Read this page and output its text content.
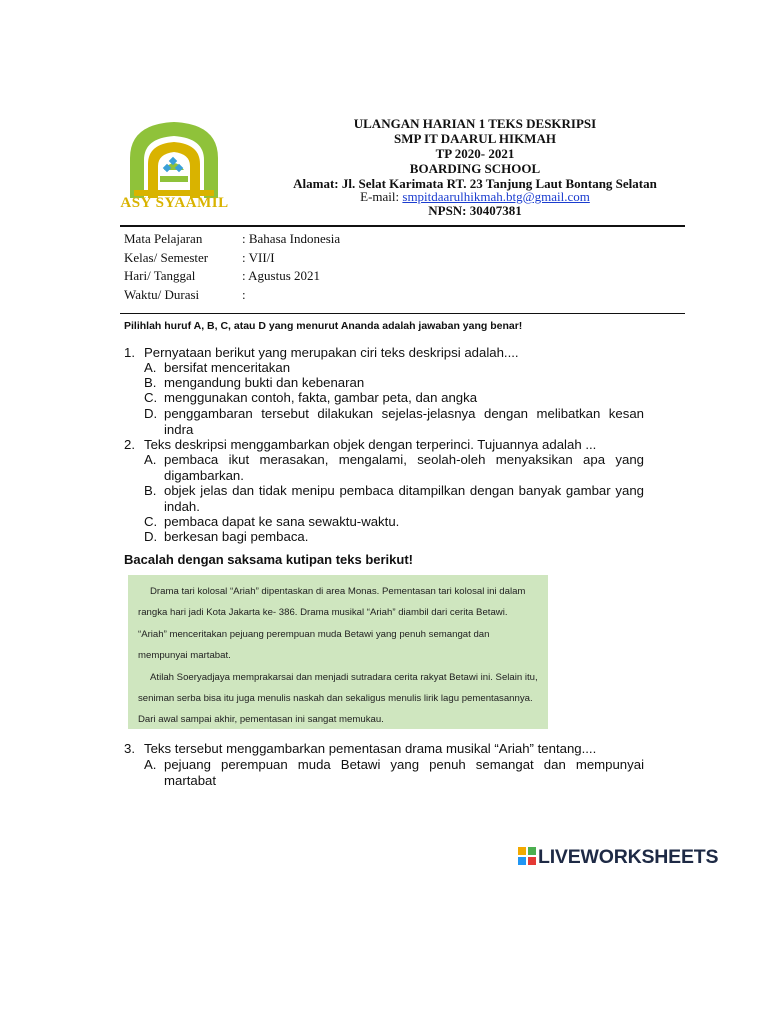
ASY SYAAMIL
ULANGAN HARIAN 1 TEKS DESKRIPSI
SMP IT DAARUL HIKMAH
TP 2020- 2021
BOARDING SCHOOL
Alamat: Jl. Selat Karimata RT. 23 Tanjung Laut Bontang Selatan
E-mail: smpitdaarulhikmah.btg@gmail.com
NPSN: 30407381
Mata Pelajaran	: Bahasa Indonesia
Kelas/ Semester	: VII/I
Hari/ Tanggal	: Agustus 2021
Waktu/ Durasi	:
Pilihlah huruf A, B, C, atau D yang menurut Ananda adalah jawaban yang benar!
1. Pernyataan berikut yang merupakan ciri teks deskripsi adalah....
A. bersifat menceritakan
B. mengandung bukti dan kebenaran
C. menggunakan contoh, fakta, gambar peta, dan angka
D. penggambaran tersebut dilakukan sejelas-jelasnya dengan melibatkan kesan indra
2. Teks deskripsi menggambarkan objek dengan terperinci. Tujuannya adalah ...
A. pembaca ikut merasakan, mengalami, seolah-oleh menyaksikan apa yang digambarkan.
B. objek jelas dan tidak menipu pembaca ditampilkan dengan banyak gambar yang indah.
C. pembaca dapat ke sana sewaktu-waktu.
D. berkesan bagi pembaca.
Bacalah dengan saksama kutipan teks berikut!

Drama tari kolosal “Ariah” dipentaskan di area Monas. Pementasan tari kolosal ini dalam rangka hari jadi Kota Jakarta ke- 386. Drama musikal “Ariah” diambil dari cerita Betawi. “Ariah” menceritakan pejuang perempuan muda Betawi yang penuh semangat dan mempunyai martabat.

Atilah Soeryadjaya memprakarsai dan menjadi sutradara cerita rakyat Betawi ini. Selain itu, seniman serba bisa itu juga menulis naskah dan sekaligus menulis lirik lagu pementasannya. Dari awal sampai akhir, pementasan ini sangat memukau.

3. Teks tersebut menggambarkan pementasan drama musikal “Ariah” tentang....
A. pejuang perempuan muda Betawi yang penuh semangat dan mempunyai martabat
LIVEWORKSHEETS
